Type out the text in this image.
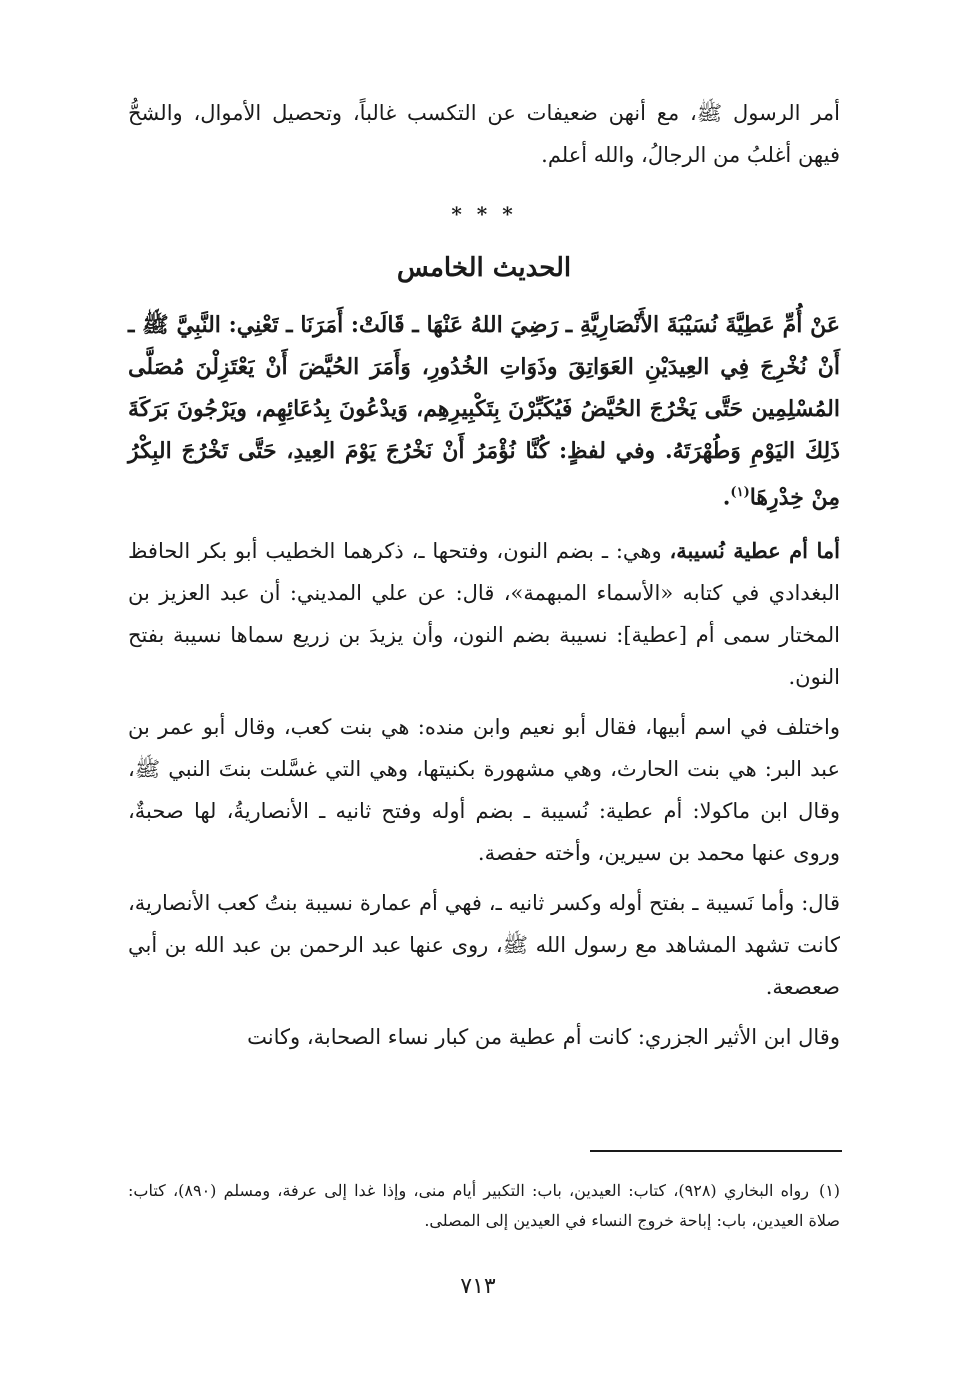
أمر الرسول ﷺ، مع أنهن ضعيفات عن التكسب غالباً، وتحصيل الأموال، والشحُّ فيهن أغلبُ من الرجالُ، والله أعلم.

* * *
الحديث الخامس

عَنْ أُمِّ عَطِيَّةَ نُسَيْبَةَ الأَنْصَارِيَّةِ ـ رَضِيَ اللهُ عَنْهَا ـ قَالَتْ: أَمَرَنَا ـ تَعْنِي: النَّبِيَّ ﷺ ـ أَنْ نُخْرِجَ فِي العِيدَيْنِ العَوَاتِقَ وذَوَاتِ الخُدُورِ، وَأَمَرَ الحُيَّضَ أَنْ يَعْتَزِلْنَ مُصَلَّى المُسْلِمِين حَتَّى يَخْرُجَ الحُيَّضُ فَيُكَبِّرْنَ بِتَكْبِيرِهِم، وَيدْعُونَ بِدُعَائِهِم، ويَرْجُونَ بَرَكَةَ ذَلِكَ اليَوْمِ وَطُهْرَتَهُ. وفي لفظٍ: كُنَّا نُؤْمَرُ أَنْ نَخْرُجَ يَوْمَ العِيدِ، حَتَّى تَخْرُجَ البِكْرُ مِنْ خِدْرِهَا$^{(١)}$.

أما أم عطية نُسيبة، وهي: ـ بضم النون، وفتحها ـ، ذكرهما الخطيب أبو بكر الحافظ البغدادي في كتابه «الأسماء المبهمة»، قال: عن علي المديني: أن عبد العزيز بن المختار سمى أم [عطية]: نسيبة بضم النون، وأن يزيدَ بن زريع سماها نسيبة بفتح النون.

واختلف في اسم أبيها، فقال أبو نعيم وابن منده: هي بنت كعب، وقال أبو عمر بن عبد البر: هي بنت الحارث، وهي مشهورة بكنيتها، وهي التي غسَّلت بنتَ النبي ﷺ، وقال ابن ماكولا: أم عطية: نُسيبة ـ بضم أوله وفتح ثانيه ـ الأنصاريةُ، لها صحبةٌ، وروى عنها محمد بن سيرين، وأخته حفصة.

قال: وأما نَسيبة ـ بفتح أوله وكسر ثانيه ـ، فهي أم عمارة نسيبة بنتُ كعب الأنصارية، كانت تشهد المشاهد مع رسول الله ﷺ، روى عنها عبد الرحمن بن عبد الله بن أبي صعصعة.

وقال ابن الأثير الجزري: كانت أم عطية من كبار نساء الصحابة، وكانت

(١)رواه البخاري (٩٢٨)، كتاب: العيدين، باب: التكبير أيام منى، وإذا غدا إلى عرفة، ومسلم (٨٩٠)، كتاب: صلاة العيدين، باب: إباحة خروج النساء في العيدين إلى المصلى.
٧١٣
